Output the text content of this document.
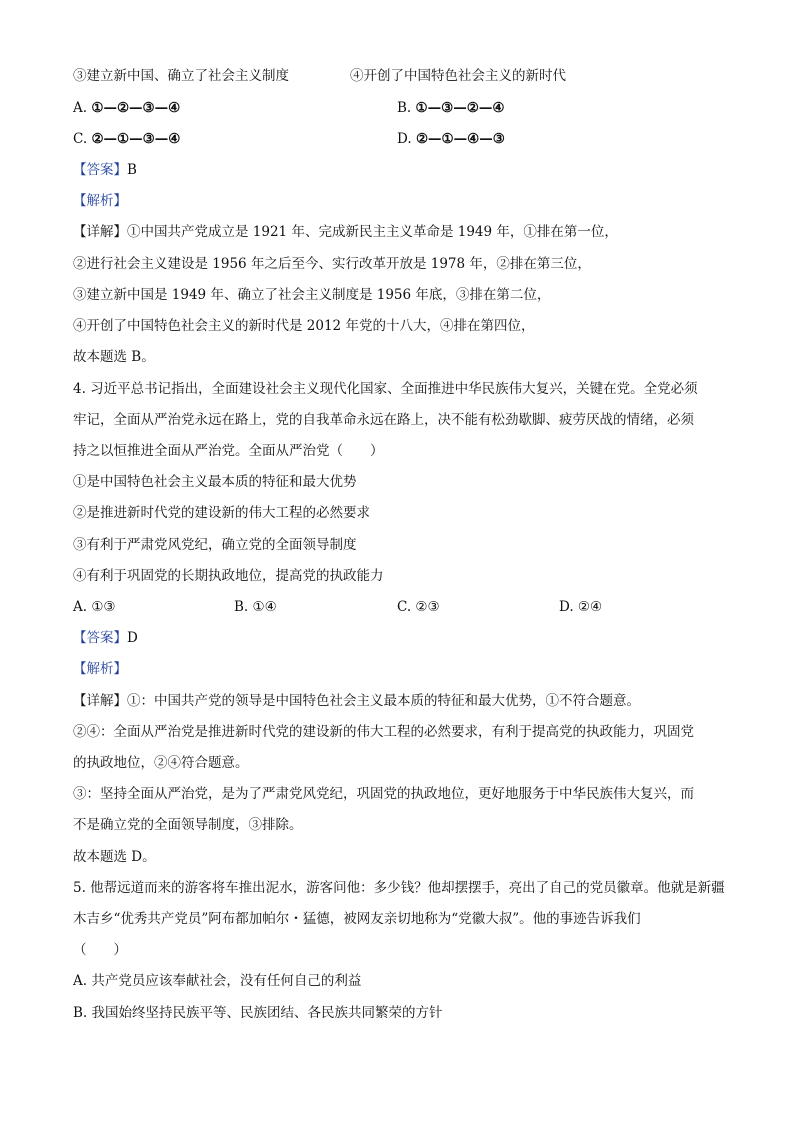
③建立新中国、确立了社会主义制度	④开创了中国特色社会主义的新时代
A. ①—②—③—④	B. ①—③—②—④
C. ②—①—③—④	D. ②—①—④—③
【答案】B
【解析】
【详解】①中国共产党成立是 1921 年、完成新民主主义革命是 1949 年，①排在第一位，
②进行社会主义建设是 1956 年之后至今、实行改革开放是 1978 年，②排在第三位，
③建立新中国是 1949 年、确立了社会主义制度是 1956 年底，③排在第二位，
④开创了中国特色社会主义的新时代是 2012 年党的十八大，④排在第四位，
故本题选 B。
4. 习近平总书记指出，全面建设社会主义现代化国家、全面推进中华民族伟大复兴，关键在党。全党必须
牢记，全面从严治党永远在路上，党的自我革命永远在路上，决不能有松劲歇脚、疲劳厌战的情绪，必须
持之以恒推进全面从严治党。全面从严治党（　　）
①是中国特色社会主义最本质的特征和最大优势
②是推进新时代党的建设新的伟大工程的必然要求
③有利于严肃党风党纪，确立党的全面领导制度
④有利于巩固党的长期执政地位，提高党的执政能力
A. ①③	B. ①④	C. ②③	D. ②④
【答案】D
【解析】
【详解】①：中国共产党的领导是中国特色社会主义最本质的特征和最大优势，①不符合题意。
②④：全面从严治党是推进新时代党的建设新的伟大工程的必然要求，有利于提高党的执政能力，巩固党
的执政地位，②④符合题意。
③：坚持全面从严治党，是为了严肃党风党纪，巩固党的执政地位，更好地服务于中华民族伟大复兴，而
不是确立党的全面领导制度，③排除。
故本题选 D。
5. 他帮远道而来的游客将车推出泥水，游客问他：多少钱？他却摆摆手，亮出了自己的党员徽章。他就是新疆
木吉乡“优秀共产党员”阿布都加帕尔・猛德，被网友亲切地称为“党徽大叔”。他的事迹告诉我们
（　　）
A. 共产党员应该奉献社会，没有任何自己的利益
B. 我国始终坚持民族平等、民族团结、各民族共同繁荣的方针
